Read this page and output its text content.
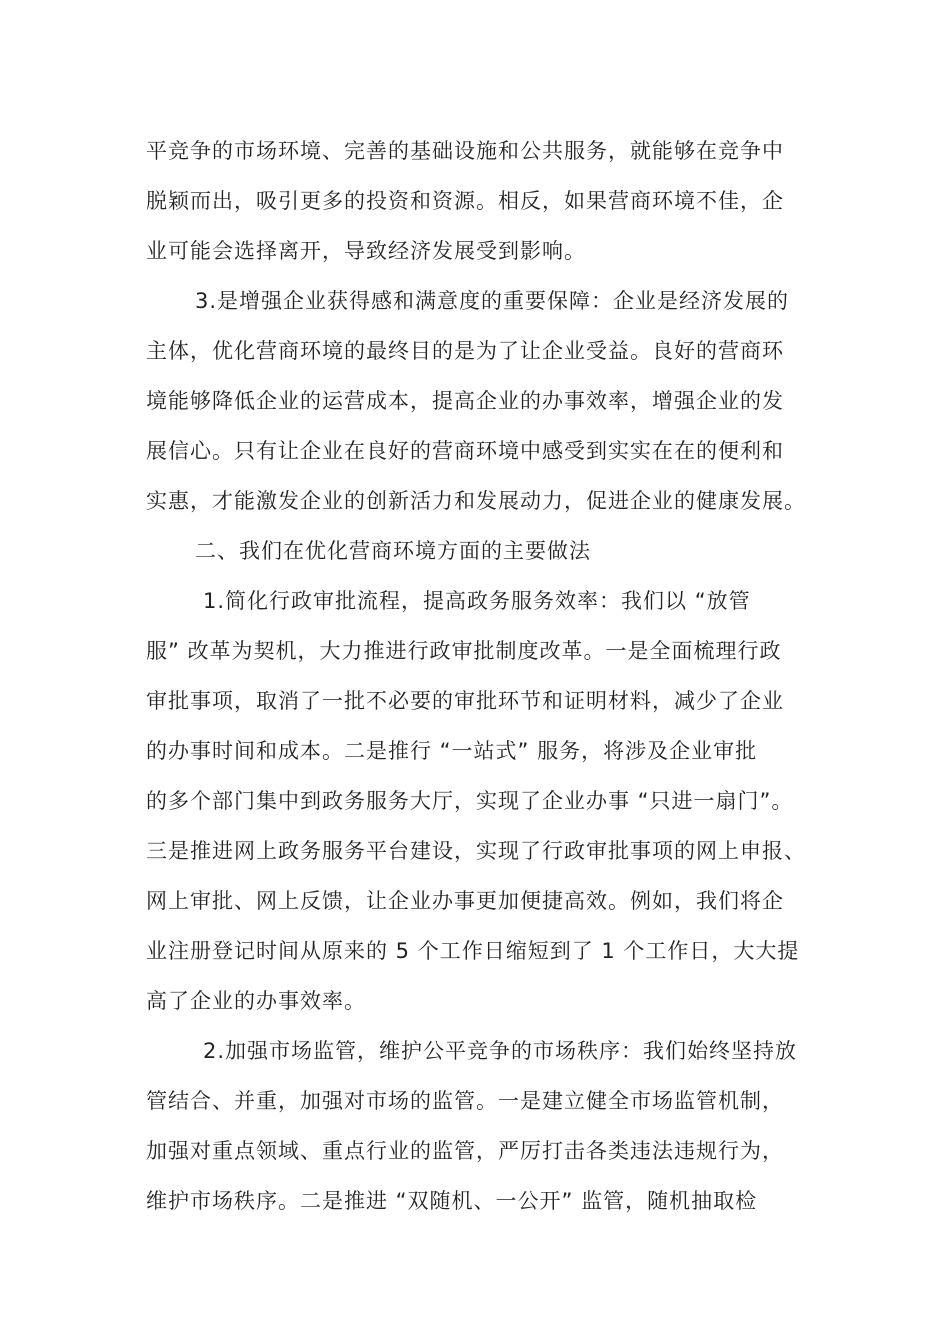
平竞争的市场环境、完善的基础设施和公共服务，就能够在竞争中
脱颖而出，吸引更多的投资和资源。相反，如果营商环境不佳，企
业可能会选择离开，导致经济发展受到影响。
3.是增强企业获得感和满意度的重要保障：企业是经济发展的
主体，优化营商环境的最终目的是为了让企业受益。良好的营商环
境能够降低企业的运营成本，提高企业的办事效率，增强企业的发
展信心。只有让企业在良好的营商环境中感受到实实在在的便利和
实惠，才能激发企业的创新活力和发展动力，促进企业的健康发展。
二、我们在优化营商环境方面的主要做法
1.简化行政审批流程，提高政务服务效率：我们以 “放管
服” 改革为契机，大力推进行政审批制度改革。一是全面梳理行政
审批事项，取消了一批不必要的审批环节和证明材料，减少了企业
的办事时间和成本。二是推行 “一站式” 服务，将涉及企业审批
的多个部门集中到政务服务大厅，实现了企业办事 “只进一扇门”。
三是推进网上政务服务平台建设，实现了行政审批事项的网上申报、
网上审批、网上反馈，让企业办事更加便捷高效。例如，我们将企
业注册登记时间从原来的 5 个工作日缩短到了 1 个工作日，大大提
高了企业的办事效率。
2.加强市场监管，维护公平竞争的市场秩序：我们始终坚持放
管结合、并重，加强对市场的监管。一是建立健全市场监管机制，
加强对重点领域、重点行业的监管，严厉打击各类违法违规行为，
维护市场秩序。二是推进 “双随机、一公开” 监管，随机抽取检
